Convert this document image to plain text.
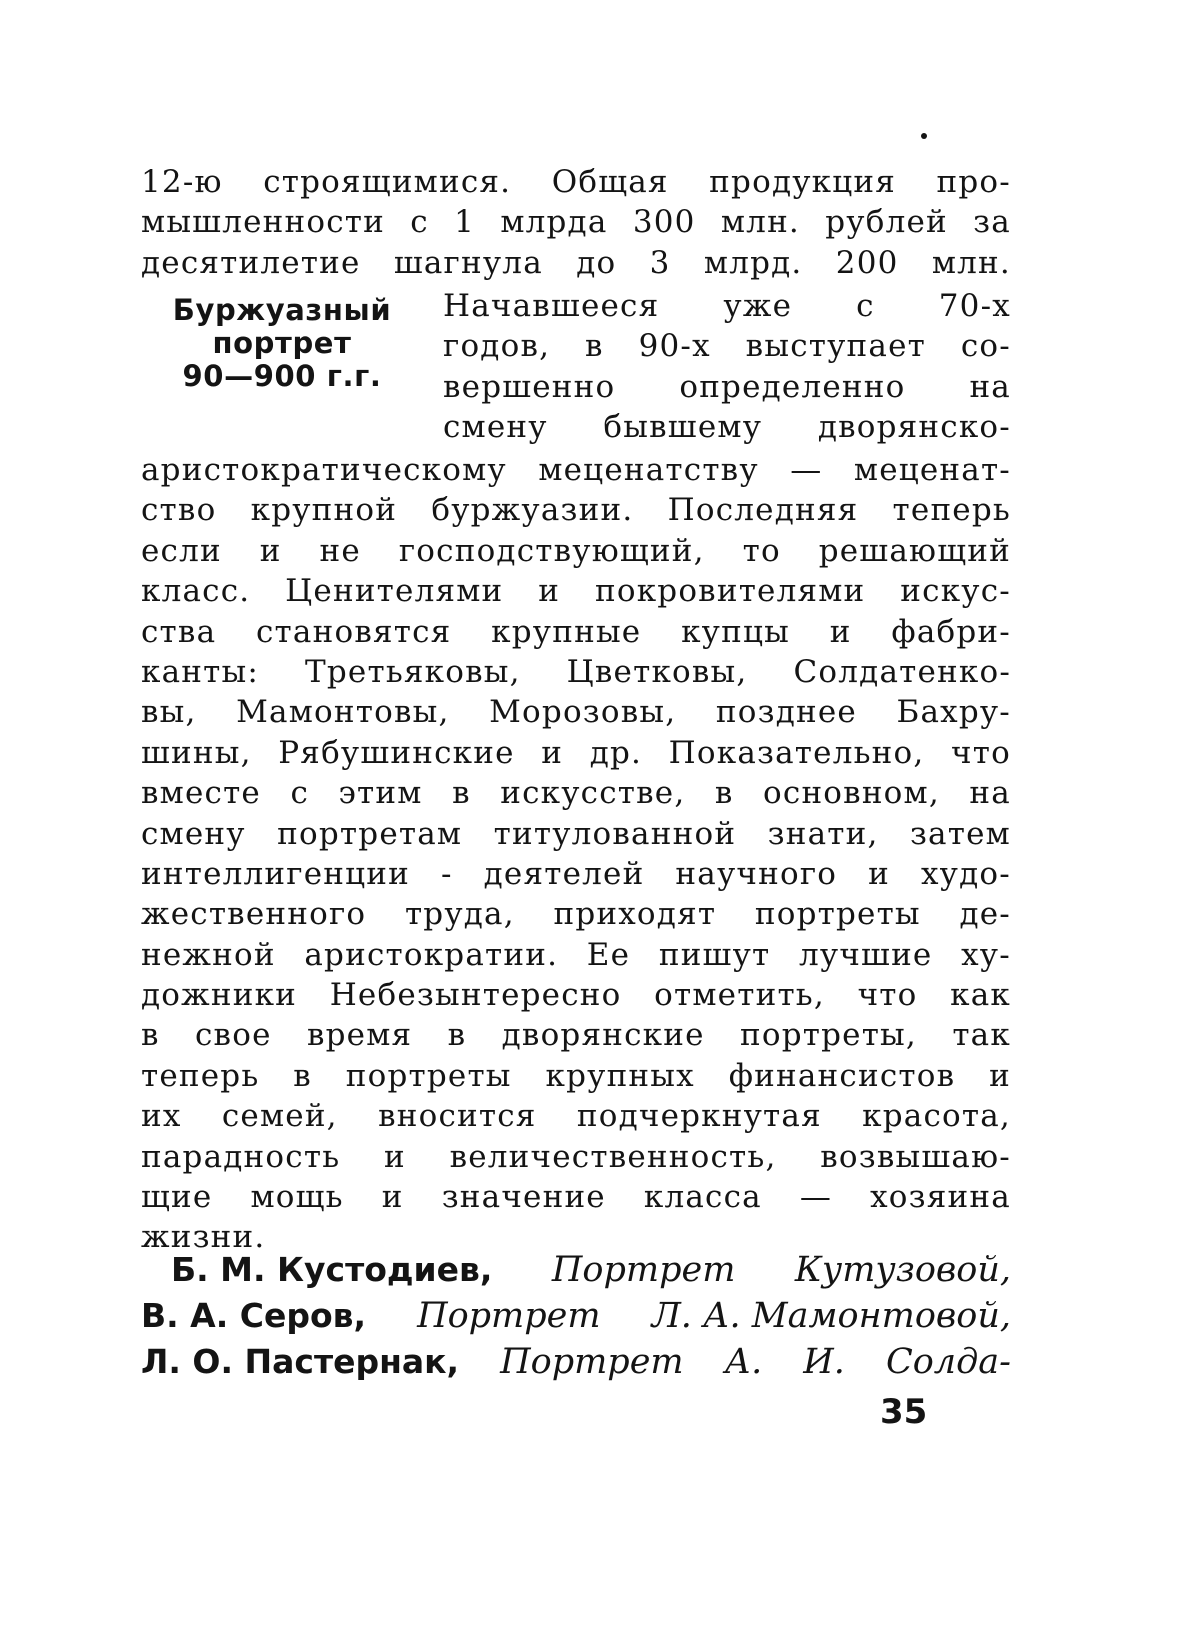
12-ю строящимися. Общая продукция про-
мышленности с 1 млрда 300 млн. рублей за
десятилетие шагнула до 3 млрд. 200 млн.
Буржуазный
портрет
90—900 г.г.
Начавшееся уже с 70-х
годов, в 90-х выступает со-
вершенно определенно на
смену бывшему дворянско-
аристократическому меценатству — меценат-
ство крупной буржуазии. Последняя теперь
если и не господствующий, то решающий
класс. Ценителями и покровителями искус-
ства становятся крупные купцы и фабри-
канты: Третьяковы, Цветковы, Солдатенко-
вы, Мамонтовы, Морозовы, позднее Бахру-
шины, Рябушинские и др. Показательно, что
вместе с этим в искусстве, в основном, на
смену портретам титулованной знати, затем
интеллигенции - деятелей научного и худо-
жественного труда, приходят портреты де-
нежной аристократии. Ее пишут лучшие ху-
дожники Небезынтересно отметить, что как
в свое время в дворянские портреты, так
теперь в портреты крупных финансистов и
их семей, вносится подчеркнутая красота,
парадность и величественность, возвышаю-
щие мощь и значение класса — хозяина
жизни.
Б. М. Кустодиев, Портрет Кутузовой,
В. А. Серов, Портрет Л. А. Мамонтовой,
Л. О. Пастернак, Портрет А. И. Солда-
35
